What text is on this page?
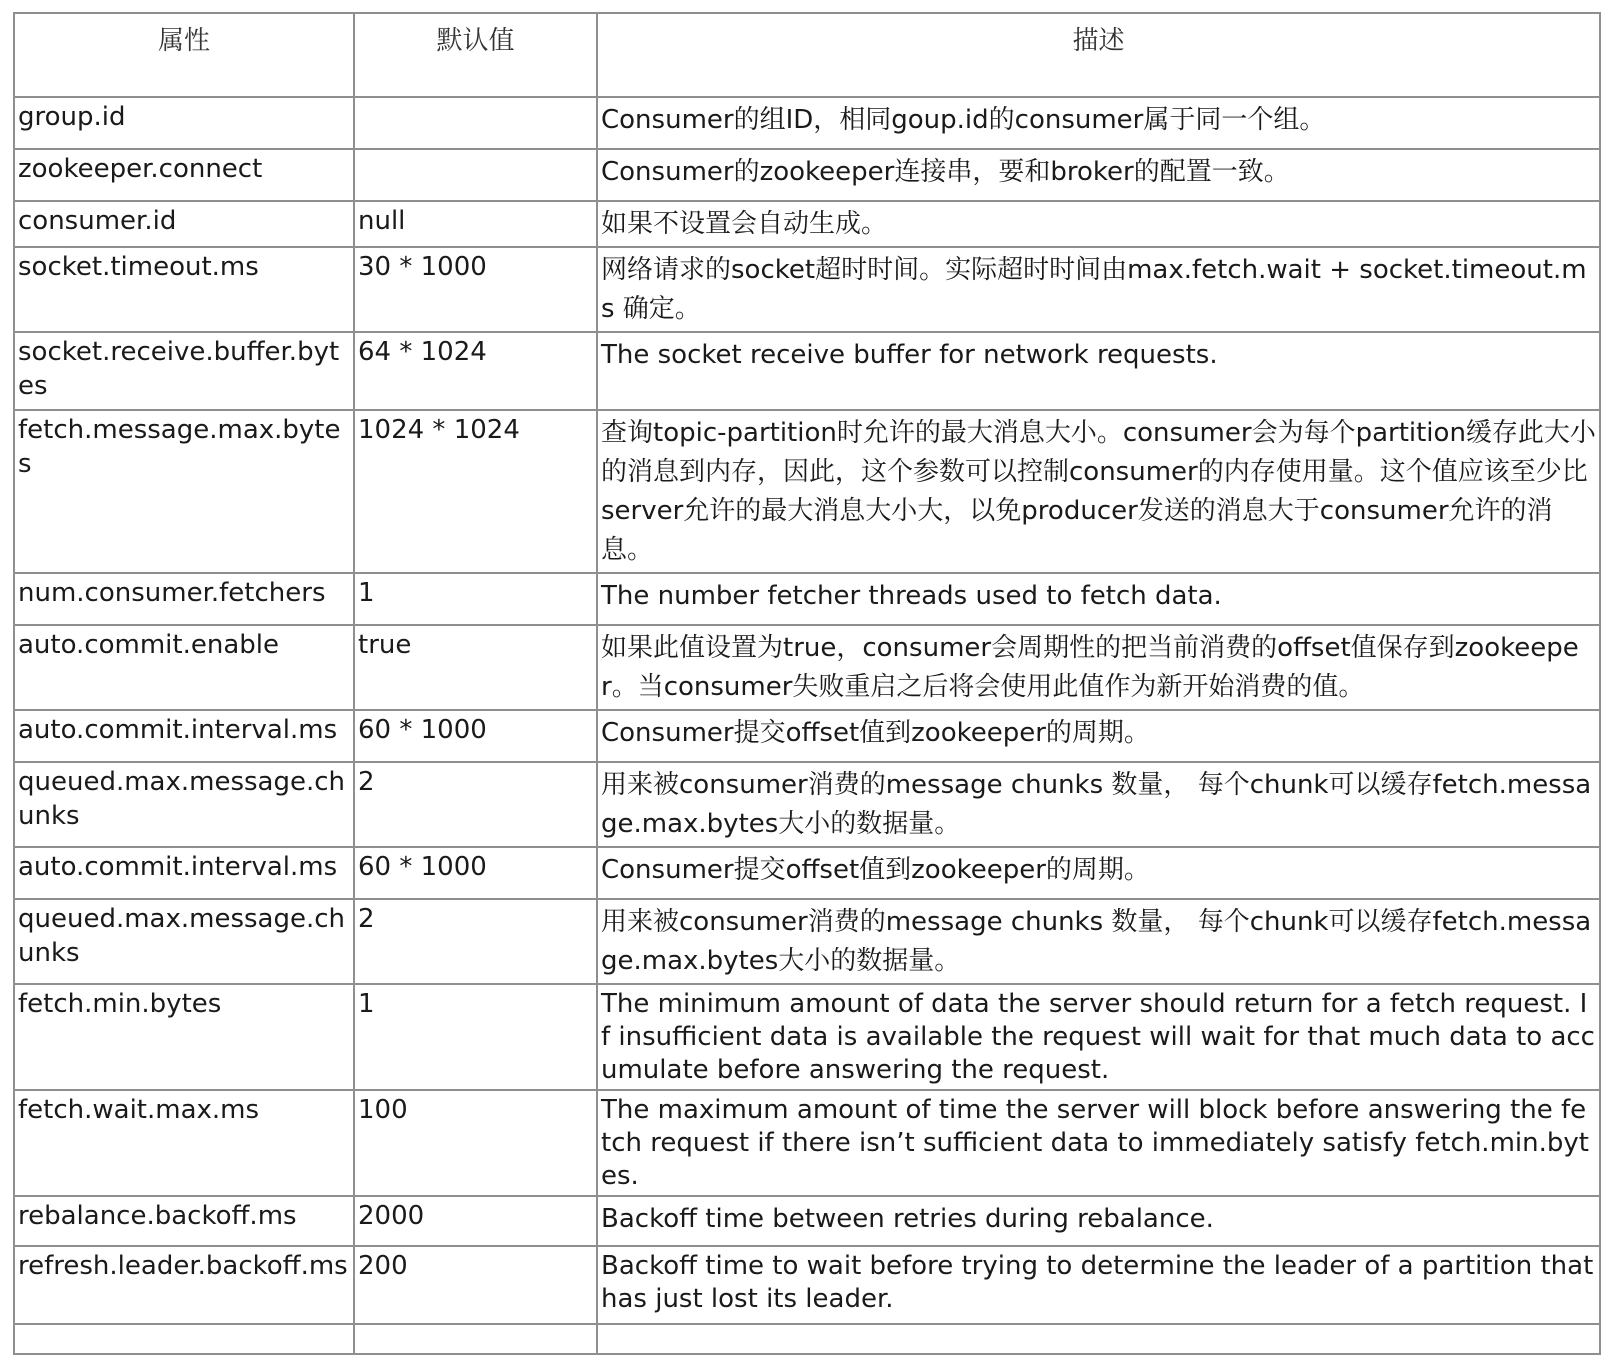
属性	默认值	描述
group.id		Consumer的组ID，相同goup.id的consumer属于同一个组。
zookeeper.connect		Consumer的zookeeper连接串，要和broker的配置一致。
consumer.id	null	如果不设置会自动生成。
socket.timeout.ms	30 * 1000	网络请求的socket超时时间。实际超时时间由max.fetch.wait + socket.timeout.ms 确定。
socket.receive.buffer.bytes	64 * 1024	The socket receive buffer for network requests.
fetch.message.max.bytes	1024 * 1024	查询topic-partition时允许的最大消息大小。consumer会为每个partition缓存此大小的消息到内存，因此，这个参数可以控制consumer的内存使用量。这个值应该至少比server允许的最大消息大小大，以免producer发送的消息大于consumer允许的消息。
num.consumer.fetchers	1	The number fetcher threads used to fetch data.
auto.commit.enable	true	如果此值设置为true，consumer会周期性的把当前消费的offset值保存到zookeeper。当consumer失败重启之后将会使用此值作为新开始消费的值。
auto.commit.interval.ms	60 * 1000	Consumer提交offset值到zookeeper的周期。
queued.max.message.chunks	2	用来被consumer消费的message chunks 数量， 每个chunk可以缓存fetch.message.max.bytes大小的数据量。
auto.commit.interval.ms	60 * 1000	Consumer提交offset值到zookeeper的周期。
queued.max.message.chunks	2	用来被consumer消费的message chunks 数量， 每个chunk可以缓存fetch.message.max.bytes大小的数据量。
fetch.min.bytes	1	The minimum amount of data the server should return for a fetch request. If insufficient data is available the request will wait for that much data to accumulate before answering the request.
fetch.wait.max.ms	100	The maximum amount of time the server will block before answering the fetch request if there isn’t sufficient data to immediately satisfy fetch.min.bytes.
rebalance.backoff.ms	2000	Backoff time between retries during rebalance.
refresh.leader.backoff.ms	200	Backoff time to wait before trying to determine the leader of a partition that has just lost its leader.
